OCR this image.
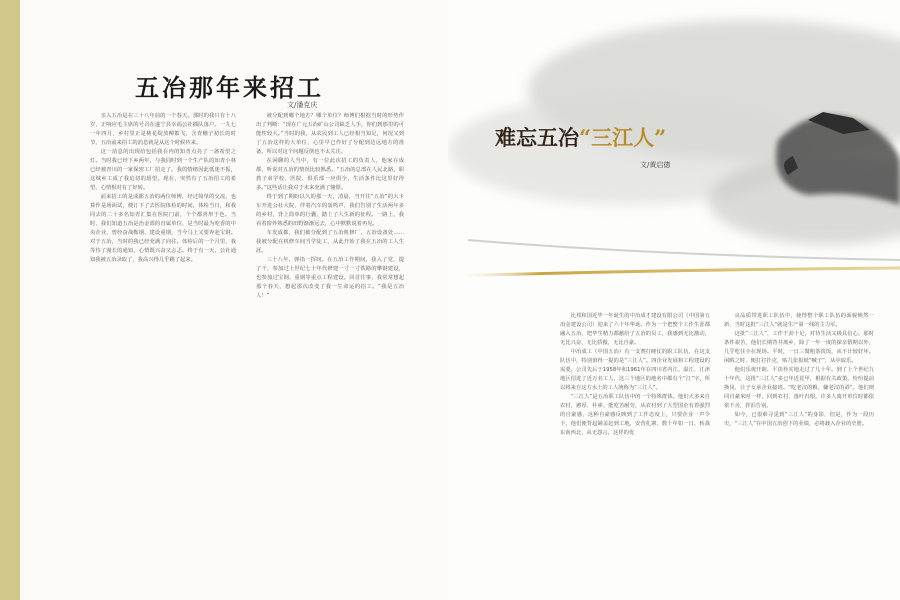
五冶那年来招工
文/潘克庆

亲入五冶是在三十八年前的一个春天。那时的我只有十八岁，正响应毛主席的号召在遂宁县幸福公社插队落户。一九七一年四月，乡村里正是桃花绽放柳絮飞，含青穗子初长的时节，五冶前来招工的消息就是从这个时候传来。

这一消息的出现给包括我在内的知青点亮了一盏希望之灯。当时我已经下乡两年，与我同时到一个生产队的知青小林已经被青川的一家保密工厂招走了。我的情绪因此低迷不振，这城乡工成了我迫切的愿望。现在，突然有了五冶招工的希望，心情相对有了好转。

前来招工的是成都五冶的两位师傅，经过简单的交流，也算作是场面试，便订下了去医院体检的时间，体检当日，和我同去的二十多名知青汇集在医院门前，个个都喜形于色。当时，我们知道五冶是治金部的直属单位，是当时最为吃香的中央企业，曾经奋战鞍钢、建设重钢，当今马上又要奔赴宝钢。对于五冶，当时的我已经充满了向往。体检后的一个月里，我等待了漫长的通知，心情既兴奋又忐忑。终于有一天，公社通知我被五冶录取了，我高兴得几乎跳了起来。

被分配到哪个地方？哪个单位？师傅们根据当时的形势作出了判断：“现在广元五冶矿山公司缺乏人手，你们到那里的可能性较大。”当时的我，从农民到工人已经相当知足，何况又到了五冶这样的大单位，心里早已作好了分配到边远地方的准备。所以对这个问题反倒也不太关注。

在闲聊的人当中，有一位此次招工的负责人，他家在成都，听说对五冶的情况比较熟悉。“五冶的总部在人民北路，职教子弟学校、医院、俱乐部一应俱全，生活条件比这里好得多。”这些话让我对于未来充满了憧憬。

终于到了期盼以久的那一天，清晨，当开往“五冶”的大卡车开进公社大院，伴着汽车的轰鸣声，我们告别了生活两年多的乡村，背上简单的行囊，踏上了人生新的征程。一路上，我看着窗外熟悉的田野渐渐远去，心中默默说着再见。

车发成都，我们被分配到了五冶机修厂，五冶设备处……我被分配在机修车间当学徒工，从此开始了我在五冶的工人生涯。

三十八年，弹指一挥间。在五冶工作期间，我入了党，提了干，参加过上世纪七十年代修建一寸一寸铁路的攀钢建设，也参加过宝钢、重钢等重点工程建设。回首往事，我常常想起那个春天，想起那次改变了我一生命运的招工。“我是五冶人！”

难忘五冶“三江人”
文/黄启德

比邦和国近毕一年诞生的中冶成才建设有限公司（中国第五冶金建设公司）迎来了六十年华诞。作为一个把整个工作生涯都融入五冶，把毕生精力都献给了五冶的员工，我感到无比激动，无比兴奋，无比骄傲，无比自豪。

中冶成工（中国五冶）有一支赛打硬仗的职工队伍，在这支队伍中，特别值得一提的是“三江人”。四企业发展和工程建设的需要，公司先后于1958年和1961年在四川省内江、温江、江津地区招进了近万名工人，这三个地区的地名中都有个“江”字，所以将来自这方水土的工人统称为“三江人”。

“三江人”是五冶职工队伍中的一个特殊群体。他们大多来自农村，憨厚、朴素、能吃苦耐劳，从农村到了大型国企有着强烈的自豪感，这种自豪感反映到了工作态度上，只要企业一声令下，他们便背起铺盖赶到工地，安营扎寨，数十年如一日，转战东南西北，从无怨言。这样的优

良品质带进职工队伍中，使得整个职工队伍的面貌焕然一新，当时这批“三江人”就是生产第一线的主力军。

这批“三江人”，工作干劲十足，对待生活又极具信心。那时条件艰苦，他们长期背井离乡，除了一年一度的探亲假期以外，几乎吃住全在现场。平时，一日三餐粗茶淡饭，从不计较好坏。闲暇之时，便打打扑克，贴几张报纸“喊子”，从中取乐。

他们乐观开朗、平淡朴实地走过了几十年。到了上个世纪九十年代，这批“三江人”多已年近花甲，根据有关政策，纷纷提前换岗，让子女承企业接班。“吃老汉的粮，嫌老汉的孬”。他们则同自豪米时一样，回到农村，落叶归根。许多人离开单位时都依依不舍，挥泪告别。

如今，已很难寻觅到“三江人”的身影，但是，作为一段历史，“三江人”在中国五冶创下的业绩，必将载入企业的史册。
